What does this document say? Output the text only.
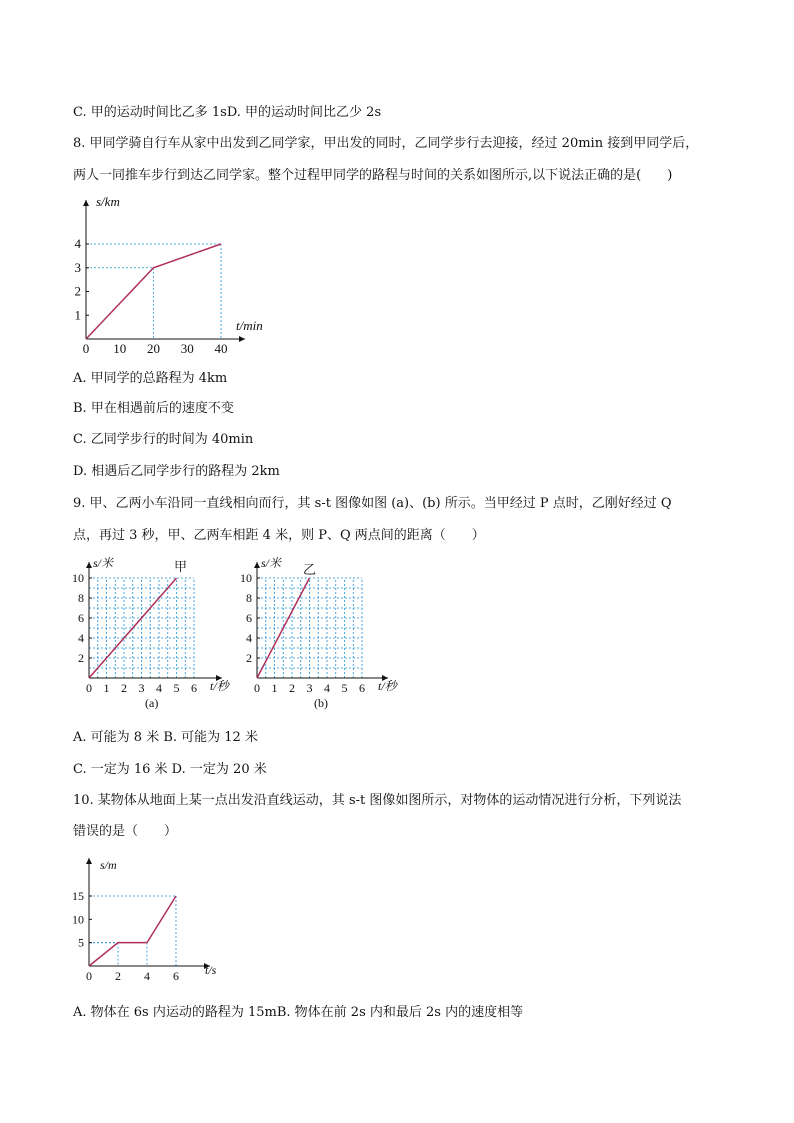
C. 甲的运动时间比乙多 1sD. 甲的运动时间比乙少 2s
8. 甲同学骑自行车从家中出发到乙同学家，甲出发的同时，乙同学步行去迎接，经过 20min 接到甲同学后，
两人一同推车步行到达乙同学家。整个过程甲同学的路程与时间的关系如图所示,以下说法正确的是(　　)
0 10 20 30 40
1
2
3
4
s/km
t/min
A. 甲同学的总路程为 4km
B. 甲在相遇前后的速度不变
C. 乙同学步行的时间为 40min
D. 相遇后乙同学步行的路程为 2km
9. 甲、乙两小车沿同一直线相向而行，其 s-t 图像如图 (a)、(b) 所示。当甲经过 P 点时，乙刚好经过 Q
点，再过 3 秒，甲、乙两车相距 4 米，则 P、Q 两点间的距离（　　）
0 1 2 3 4 5 6
2
4
6
8
10
s/米
t/秒
甲
(a)
0 1 2 3 4 5 6
2
4
6
8
10
s/米
t/秒
乙
(b)
A. 可能为 8 米 B. 可能为 12 米
C. 一定为 16 米 D. 一定为 20 米
10. 某物体从地面上某一点出发沿直线运动，其 s-t 图像如图所示，对物体的运动情况进行分析，下列说法
错误的是（　　）
0 2 4 6
5
10
15
s/m
t/s
A. 物体在 6s 内运动的路程为 15mB. 物体在前 2s 内和最后 2s 内的速度相等
